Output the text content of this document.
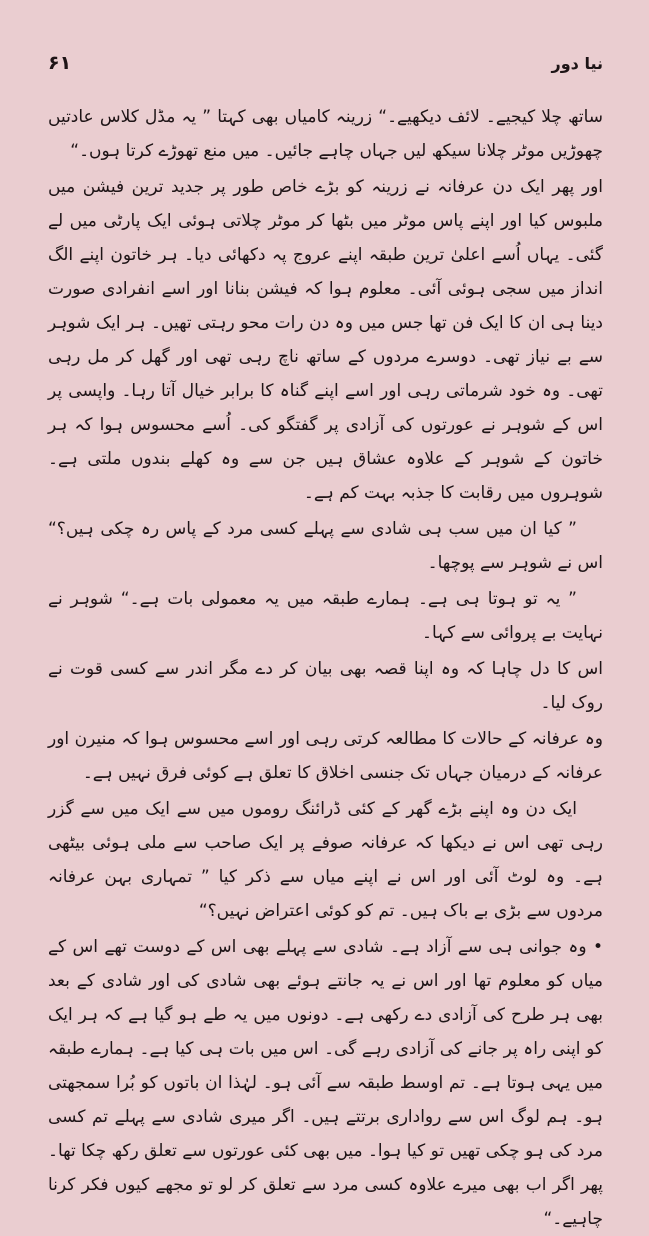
۶۱	نیا دور

ساتھ چلا کیجیے۔ لائف دیکھیے۔“ زرینہ کامیاں بھی کہتا ” یہ مڈل کلاس عادتیں چھوڑیں موٹر چلانا سیکھ لیں جہاں چاہے جائیں۔ میں منع تھوڑے کرتا ہوں۔“

اور پھر ایک دن عرفانہ نے زرینہ کو بڑے خاص طور پر جدید ترین فیشن میں ملبوس کیا اور اپنے پاس موٹر میں بٹھا کر موٹر چلاتی ہوئی ایک پارٹی میں لے گئی۔ یہاں اُسے اعلیٰ ترین طبقہ اپنے عروج پہ دکھائی دیا۔ ہر خاتون اپنے الگ انداز میں سجی ہوئی آئی۔ معلوم ہوا کہ فیشن بنانا اور اسے انفرادی صورت دینا ہی ان کا ایک فن تھا جس میں وہ دن رات محو رہتی تھیں۔ ہر ایک شوہر سے بے نیاز تھی۔ دوسرے مردوں کے ساتھ ناچ رہی تھی اور گھل کر مل رہی تھی۔ وہ خود شرماتی رہی اور اسے اپنے گناہ کا برابر خیال آتا رہا۔ واپسی پر اس کے شوہر نے عورتوں کی آزادی پر گفتگو کی۔ اُسے محسوس ہوا کہ ہر خاتون کے شوہر کے علاوہ عشاق ہیں جن سے وہ کھلے بندوں ملتی ہے۔ شوہروں میں رقابت کا جذبہ بہت کم ہے۔

” کیا ان میں سب ہی شادی سے پہلے کسی مرد کے پاس رہ چکی ہیں؟“ اس نے شوہر سے پوچھا۔

” یہ تو ہوتا ہی ہے۔ ہمارے طبقہ میں یہ معمولی بات ہے۔“ شوہر نے نہایت بے پروائی سے کہا۔

اس کا دل چاہا کہ وہ اپنا قصہ بھی بیان کر دے مگر اندر سے کسی قوت نے روک لیا۔

وہ عرفانہ کے حالات کا مطالعہ کرتی رہی اور اسے محسوس ہوا کہ منیرن اور عرفانہ کے درمیان جہاں تک جنسی اخلاق کا تعلق ہے کوئی فرق نہیں ہے۔

ایک دن وہ اپنے بڑے گھر کے کئی ڈرائنگ روموں میں سے ایک میں سے گزر رہی تھی اس نے دیکھا کہ عرفانہ صوفے پر ایک صاحب سے ملی ہوئی بیٹھی ہے۔ وہ لوٹ آئی اور اس نے اپنے میاں سے ذکر کیا ” تمہاری بہن عرفانہ مردوں سے بڑی بے باک ہیں۔ تم کو کوئی اعتراض نہیں؟“

• وہ جوانی ہی سے آزاد ہے۔ شادی سے پہلے بھی اس کے دوست تھے اس کے میاں کو معلوم تھا اور اس نے یہ جانتے ہوئے بھی شادی کی اور شادی کے بعد بھی ہر طرح کی آزادی دے رکھی ہے۔ دونوں میں یہ طے ہو گیا ہے کہ ہر ایک کو اپنی راہ پر جانے کی آزادی رہے گی۔ اس میں بات ہی کیا ہے۔ ہمارے طبقہ میں یہی ہوتا ہے۔ تم اوسط طبقہ سے آئی ہو۔ لہٰذا ان باتوں کو بُرا سمجھتی ہو۔ ہم لوگ اس سے رواداری برتتے ہیں۔ اگر میری شادی سے پہلے تم کسی مرد کی ہو چکی تھیں تو کیا ہوا۔ میں بھی کئی عورتوں سے تعلق رکھ چکا تھا۔ پھر اگر اب بھی میرے علاوہ کسی مرد سے تعلق کر لو تو مجھے کیوں فکر کرنا چاہیے۔“
